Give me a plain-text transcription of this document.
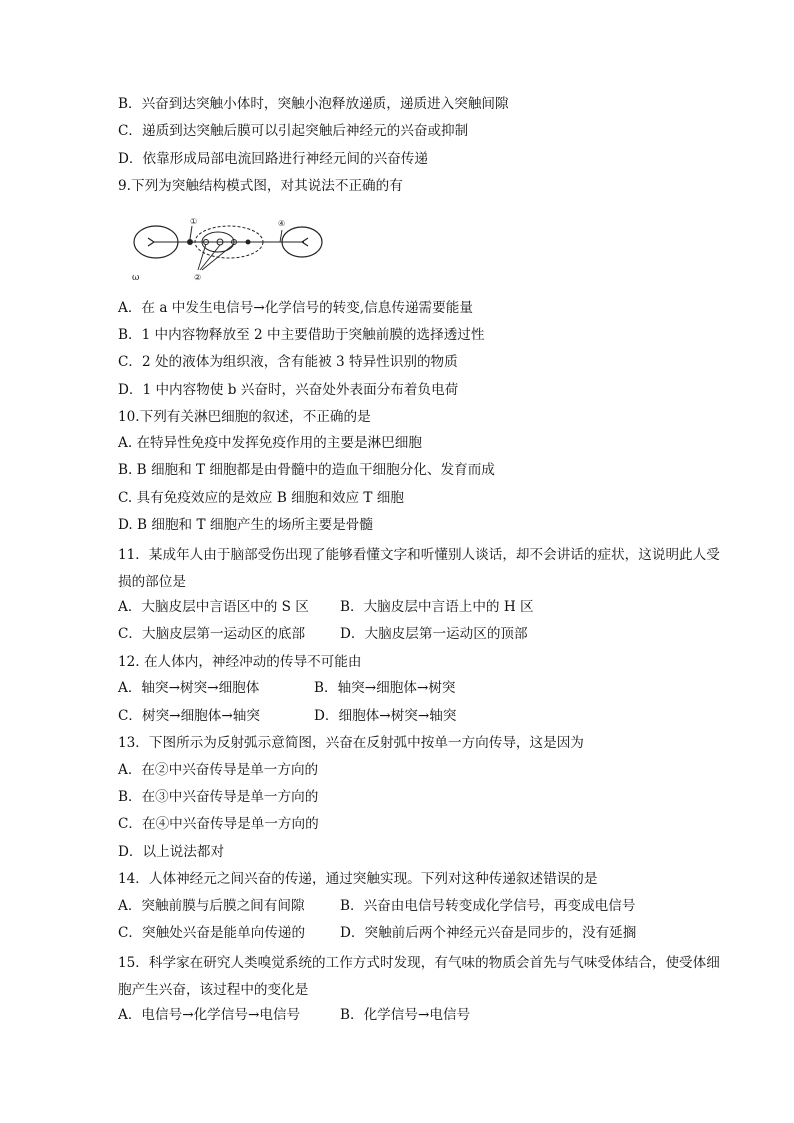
B．兴奋到达突触小体时，突触小泡释放递质，递质进入突触间隙
C．递质到达突触后膜可以引起突触后神经元的兴奋或抑制
D．依靠形成局部电流回路进行神经元间的兴奋传递
9.下列为突触结构模式图，对其说法不正确的有
①
②
④
ω
A．在 a 中发生电信号→化学信号的转变,信息传递需要能量
B．1 中内容物释放至 2 中主要借助于突触前膜的选择透过性
C．2 处的液体为组织液，含有能被 3 特异性识别的物质
D．1 中内容物使 b 兴奋时，兴奋处外表面分布着负电荷
10.下列有关淋巴细胞的叙述，不正确的是
A. 在特异性免疫中发挥免疫作用的主要是淋巴细胞
B. B 细胞和 T 细胞都是由骨髓中的造血干细胞分化、发育而成
C. 具有免疫效应的是效应 B 细胞和效应 T 细胞
D. B 细胞和 T 细胞产生的场所主要是骨髓
11．某成年人由于脑部受伤出现了能够看懂文字和听懂别人谈话，却不会讲话的症状，这说明此人受损的部位是
A．大脑皮层中言语区中的 S 区	B．大脑皮层中言语上中的 H 区
C．大脑皮层第一运动区的底部	D．大脑皮层第一运动区的顶部
12. 在人体内，神经冲动的传导不可能由
A．轴突→树突→细胞体	B．轴突→细胞体→树突
C．树突→细胞体→轴突	D．细胞体→树突→轴突
13．下图所示为反射弧示意简图，兴奋在反射弧中按单一方向传导，这是因为
A．在②中兴奋传导是单一方向的
B．在③中兴奋传导是单一方向的
C．在④中兴奋传导是单一方向的
D．以上说法都对
14．人体神经元之间兴奋的传递，通过突触实现。下列对这种传递叙述错误的是
A．突触前膜与后膜之间有间隙	B．兴奋由电信号转变成化学信号，再变成电信号
C．突触处兴奋是能单向传递的	D．突触前后两个神经元兴奋是同步的，没有延搁
15．科学家在研究人类嗅觉系统的工作方式时发现，有气味的物质会首先与气味受体结合，使受体细胞产生兴奋，该过程中的变化是
A．电信号→化学信号→电信号	B．化学信号→电信号
